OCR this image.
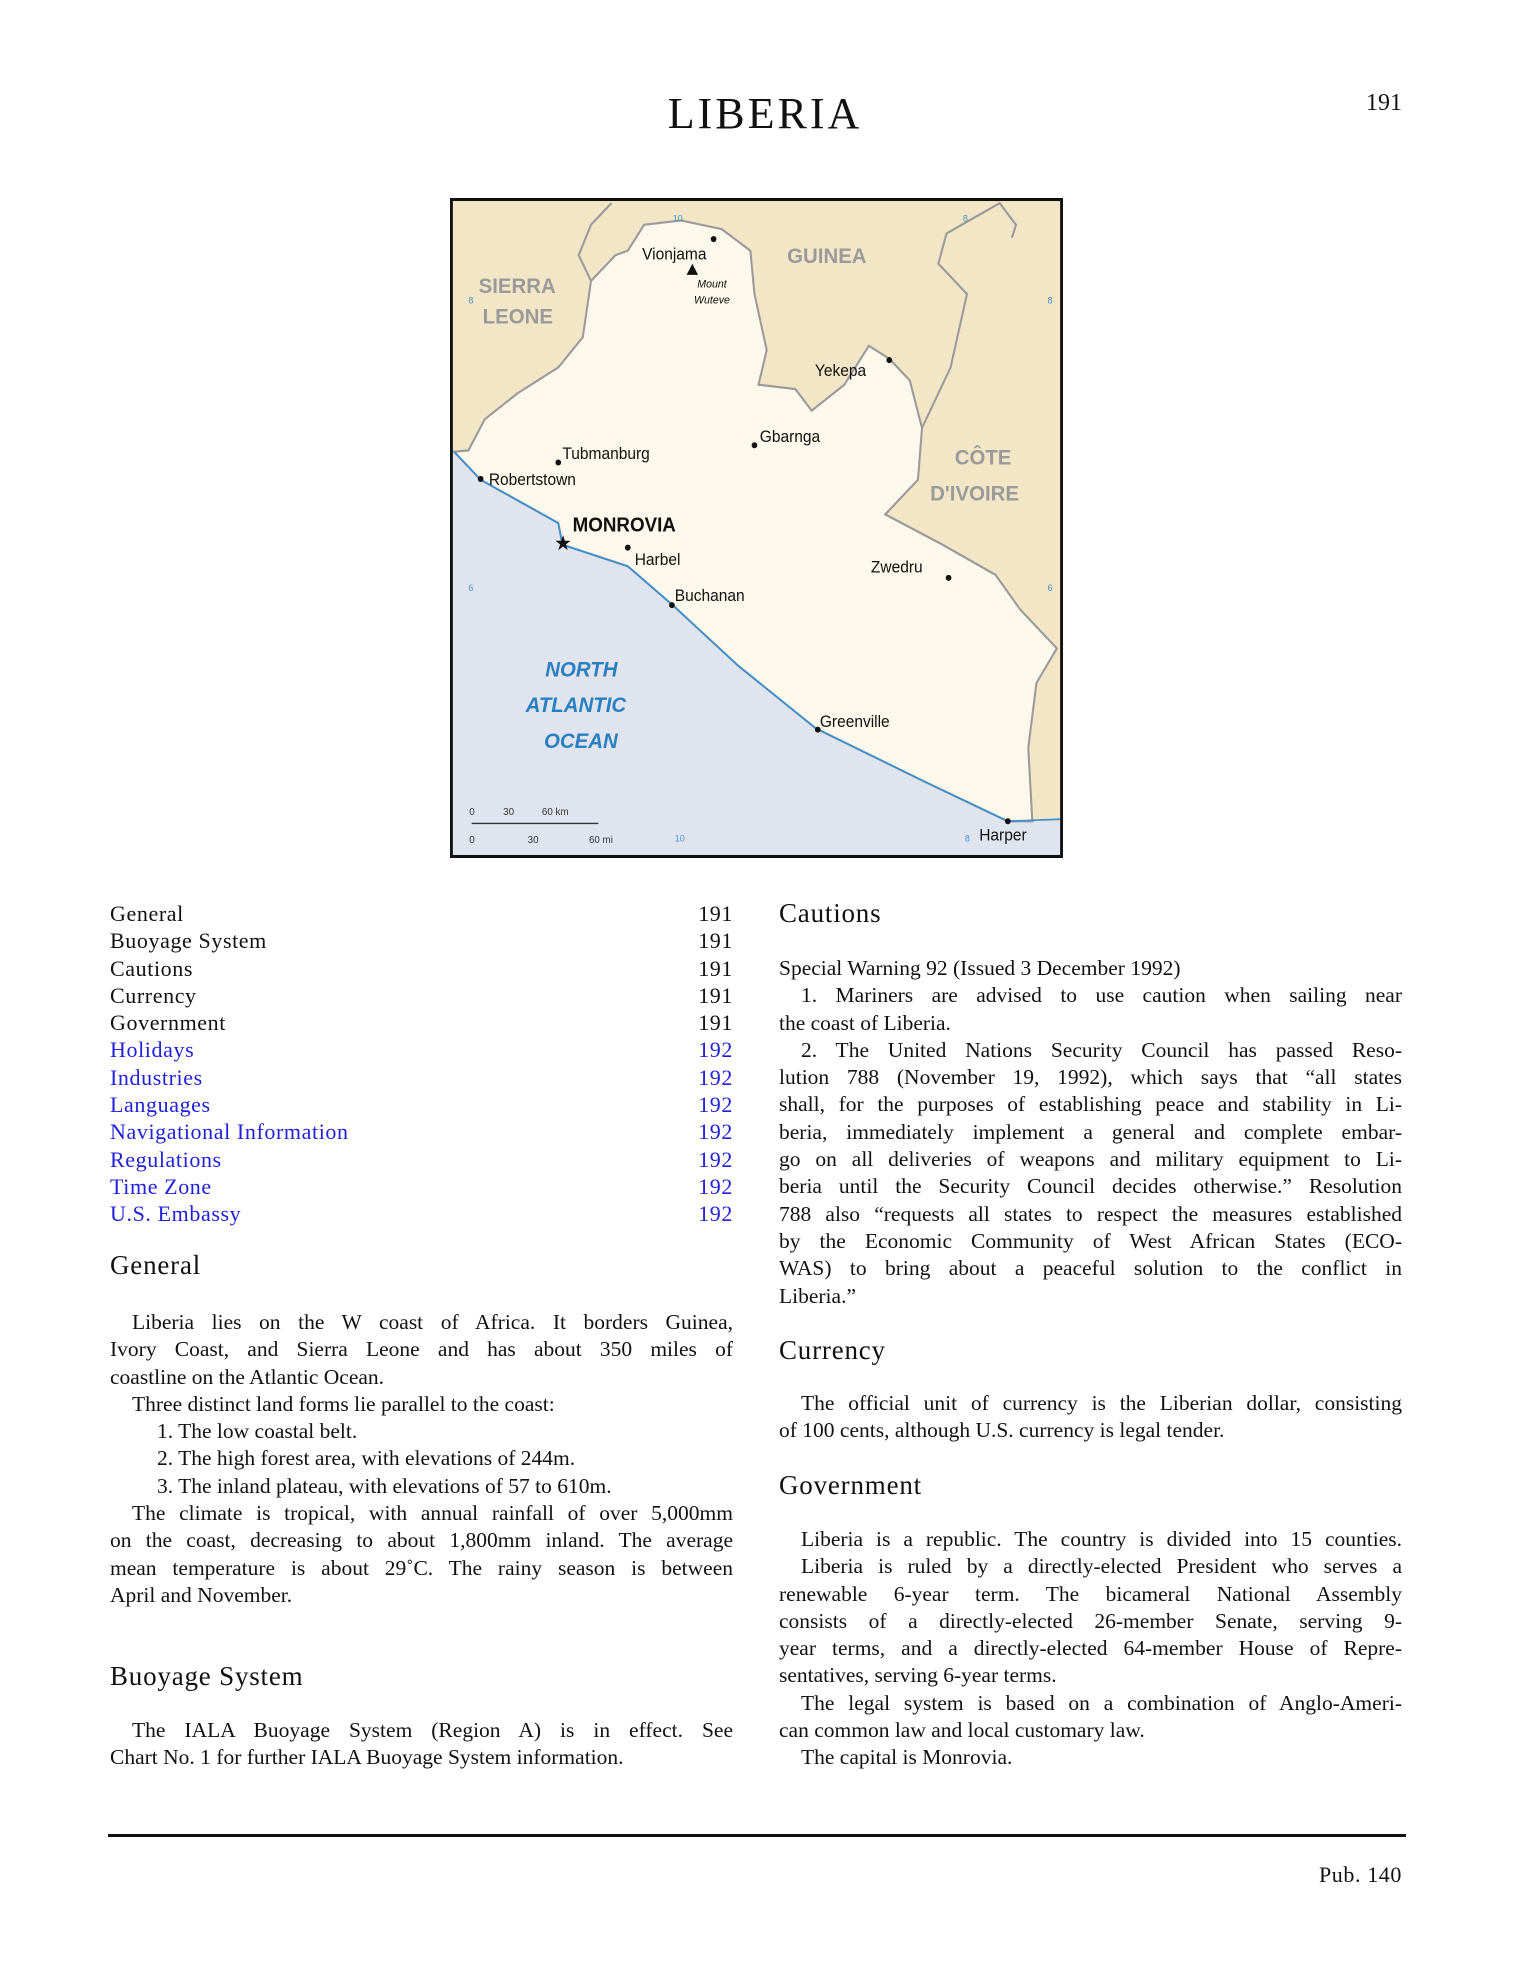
LIBERIA	191
GUINEA
SIERRA
LEONE
CÔTE
D'IVOIRE
NORTH
ATLANTIC
OCEAN
Vionjama
Mount
Wuteve
Yekepa
Gbarnga
Tubmanburg
Robertstown
MONROVIA
★
Harbel	Zwedru
Buchanan
Greenville
Harper
0 30 60 km
0 30 60 mi
10	8
8	8
6	6
10	8
General	191
Buoyage System	191
Cautions	191
Currency	191
Government	191
Holidays	192
Industries	192
Languages	192
Navigational Information	192
Regulations	192
Time Zone	192
U.S. Embassy	192
General
Liberia lies on the W coast of Africa. It borders Guinea,
Ivory Coast, and Sierra Leone and has about 350 miles of
coastline on the Atlantic Ocean.
Three distinct land forms lie parallel to the coast:
1. The low coastal belt.
2. The high forest area, with elevations of 244m.
3. The inland plateau, with elevations of 57 to 610m.
The climate is tropical, with annual rainfall of over 5,000mm
on the coast, decreasing to about 1,800mm inland. The average
mean temperature is about 29˚C. The rainy season is between
April and November.
Buoyage System
The IALA Buoyage System (Region A) is in effect. See
Chart No. 1 for further IALA Buoyage System information.
Cautions
Special Warning 92 (Issued 3 December 1992)
1. Mariners are advised to use caution when sailing near
the coast of Liberia.
2. The United Nations Security Council has passed Reso-
lution 788 (November 19, 1992), which says that “all states
shall, for the purposes of establishing peace and stability in Li-
beria, immediately implement a general and complete embar-
go on all deliveries of weapons and military equipment to Li-
beria until the Security Council decides otherwise.” Resolution
788 also “requests all states to respect the measures established
by the Economic Community of West African States (ECO-
WAS) to bring about a peaceful solution to the conflict in
Liberia.”
Currency
The official unit of currency is the Liberian dollar, consisting
of 100 cents, although U.S. currency is legal tender.
Government
Liberia is a republic. The country is divided into 15 counties.
Liberia is ruled by a directly-elected President who serves a
renewable 6-year term. The bicameral National Assembly
consists of a directly-elected 26-member Senate, serving 9-
year terms, and a directly-elected 64-member House of Repre-
sentatives, serving 6-year terms.
The legal system is based on a combination of Anglo-Ameri-
can common law and local customary law.
The capital is Monrovia.
Pub. 140
